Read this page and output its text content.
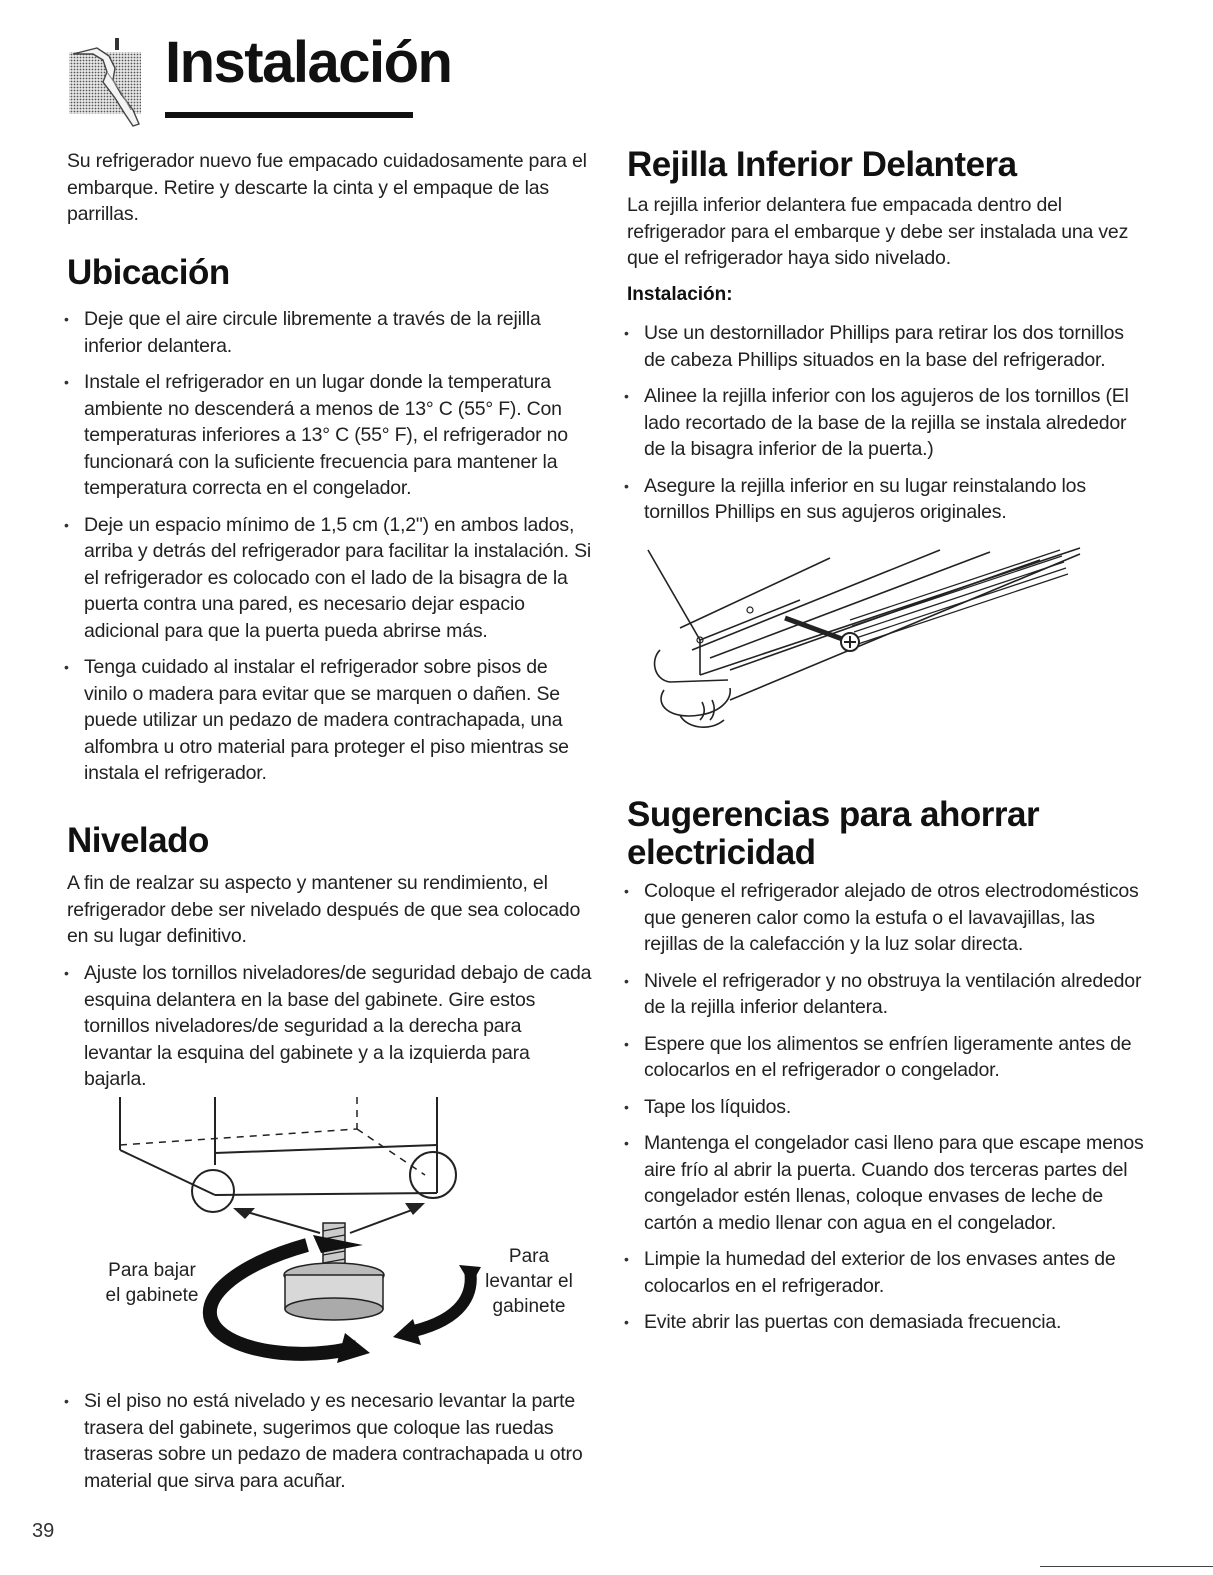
Instalación
Su refrigerador nuevo fue empacado cuidadosamente para el embarque. Retire y descarte la cinta y el empaque de las parrillas.
Ubicación
• Deje que el aire circule libremente a través de la rejilla inferior delantera.
• Instale el refrigerador en un lugar donde la temperatura ambiente no descenderá a menos de 13° C (55° F). Con temperaturas inferiores a 13° C (55° F), el refrigerador no funcionará con la suficiente frecuencia para mantener la temperatura correcta en el congelador.
• Deje un espacio mínimo de 1,5 cm (1,2") en ambos lados, arriba y detrás del refrigerador para facilitar la instalación. Si el refrigerador es colocado con el lado de la bisagra de la puerta contra una pared, es necesario dejar espacio adicional para que la puerta pueda abrirse más.
• Tenga cuidado al instalar el refrigerador sobre pisos de vinilo o madera para evitar que se marquen o dañen. Se puede utilizar un pedazo de madera contrachapada, una alfombra u otro material para proteger el piso mientras se instala el refrigerador.
Nivelado
A fin de realzar su aspecto y mantener su rendimiento, el refrigerador debe ser nivelado después de que sea colocado en su lugar definitivo.
• Ajuste los tornillos niveladores/de seguridad debajo de cada esquina delantera en la base del gabinete. Gire estos tornillos niveladores/de seguridad a la derecha para levantar la esquina del gabinete y a la izquierda para bajarla.
Para bajar
el gabinete
Para
levantar el
gabinete
• Si el piso no está nivelado y es necesario levantar la parte trasera del gabinete, sugerimos que coloque las ruedas traseras sobre un pedazo de madera contrachapada u otro material que sirva para acuñar.
39
Rejilla Inferior Delantera
La rejilla inferior delantera fue empacada dentro del refrigerador para el embarque y debe ser instalada una vez que el refrigerador haya sido nivelado.
Instalación:
• Use un destornillador Phillips para retirar los dos tornillos de cabeza Phillips situados en la base del refrigerador.
• Alinee la rejilla inferior con los agujeros de los tornillos (El lado recortado de la base de la rejilla se instala alrededor de la bisagra inferior de la puerta.)
• Asegure la rejilla inferior en su lugar reinstalando los tornillos Phillips en sus agujeros originales.
Sugerencias para ahorrar
electricidad
• Coloque el refrigerador alejado de otros electrodomésticos que generen calor como la estufa o el lavavajillas, las rejillas de la calefacción y la luz solar directa.
• Nivele el refrigerador y no obstruya la ventilación alrededor de la rejilla inferior delantera.
• Espere que los alimentos se enfríen ligeramente antes de colocarlos en el refrigerador o congelador.
• Tape los líquidos.
• Mantenga el congelador casi lleno para que escape menos aire frío al abrir la puerta. Cuando dos terceras partes del congelador estén llenas, coloque envases de leche de cartón a medio llenar con agua en el congelador.
• Limpie la humedad del exterior de los envases antes de colocarlos en el refrigerador.
• Evite abrir las puertas con demasiada frecuencia.
